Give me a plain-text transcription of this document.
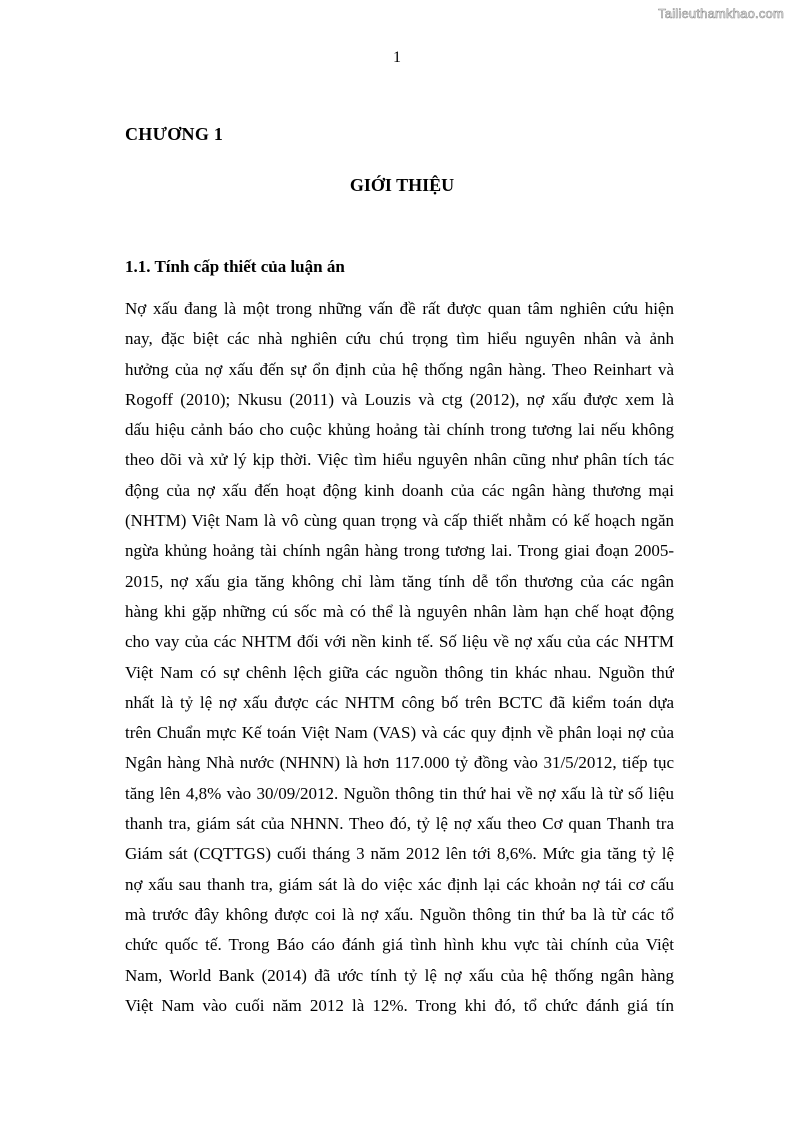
Tailieuthamkhao.com
1
CHƯƠNG 1
GIỚI THIỆU
1.1. Tính cấp thiết của luận án
Nợ xấu đang là một trong những vấn đề rất được quan tâm nghiên cứu hiện
nay, đặc biệt các nhà nghiên cứu chú trọng tìm hiểu nguyên nhân và ảnh
hưởng của nợ xấu đến sự ổn định của hệ thống ngân hàng. Theo Reinhart và
Rogoff (2010); Nkusu (2011) và Louzis và ctg (2012), nợ xấu được xem là
dấu hiệu cảnh báo cho cuộc khủng hoảng tài chính trong tương lai nếu không
theo dõi và xử lý kịp thời. Việc tìm hiểu nguyên nhân cũng như phân tích tác
động của nợ xấu đến hoạt động kinh doanh của các ngân hàng thương mại
(NHTM) Việt Nam là vô cùng quan trọng và cấp thiết nhằm có kế hoạch ngăn
ngừa khủng hoảng tài chính ngân hàng trong tương lai. Trong giai đoạn 2005-
2015, nợ xấu gia tăng không chỉ làm tăng tính dễ tổn thương của các ngân
hàng khi gặp những cú sốc mà có thể là nguyên nhân làm hạn chế hoạt động
cho vay của các NHTM đối với nền kinh tế. Số liệu về nợ xấu của các NHTM
Việt Nam có sự chênh lệch giữa các nguồn thông tin khác nhau. Nguồn thứ
nhất là tỷ lệ nợ xấu được các NHTM công bố trên BCTC đã kiểm toán dựa
trên Chuẩn mực Kế toán Việt Nam (VAS) và các quy định về phân loại nợ của
Ngân hàng Nhà nước (NHNN) là hơn 117.000 tỷ đồng vào 31/5/2012, tiếp tục
tăng lên 4,8% vào 30/09/2012. Nguồn thông tin thứ hai về nợ xấu là từ số liệu
thanh tra, giám sát của NHNN. Theo đó, tỷ lệ nợ xấu theo Cơ quan Thanh tra
Giám sát (CQTTGS) cuối tháng 3 năm 2012 lên tới 8,6%. Mức gia tăng tỷ lệ
nợ xấu sau thanh tra, giám sát là do việc xác định lại các khoản nợ tái cơ cấu
mà trước đây không được coi là nợ xấu. Nguồn thông tin thứ ba là từ các tổ
chức quốc tế. Trong Báo cáo đánh giá tình hình khu vực tài chính của Việt
Nam, World Bank (2014) đã ước tính tỷ lệ nợ xấu của hệ thống ngân hàng
Việt Nam vào cuối năm 2012 là 12%. Trong khi đó, tổ chức đánh giá tín
